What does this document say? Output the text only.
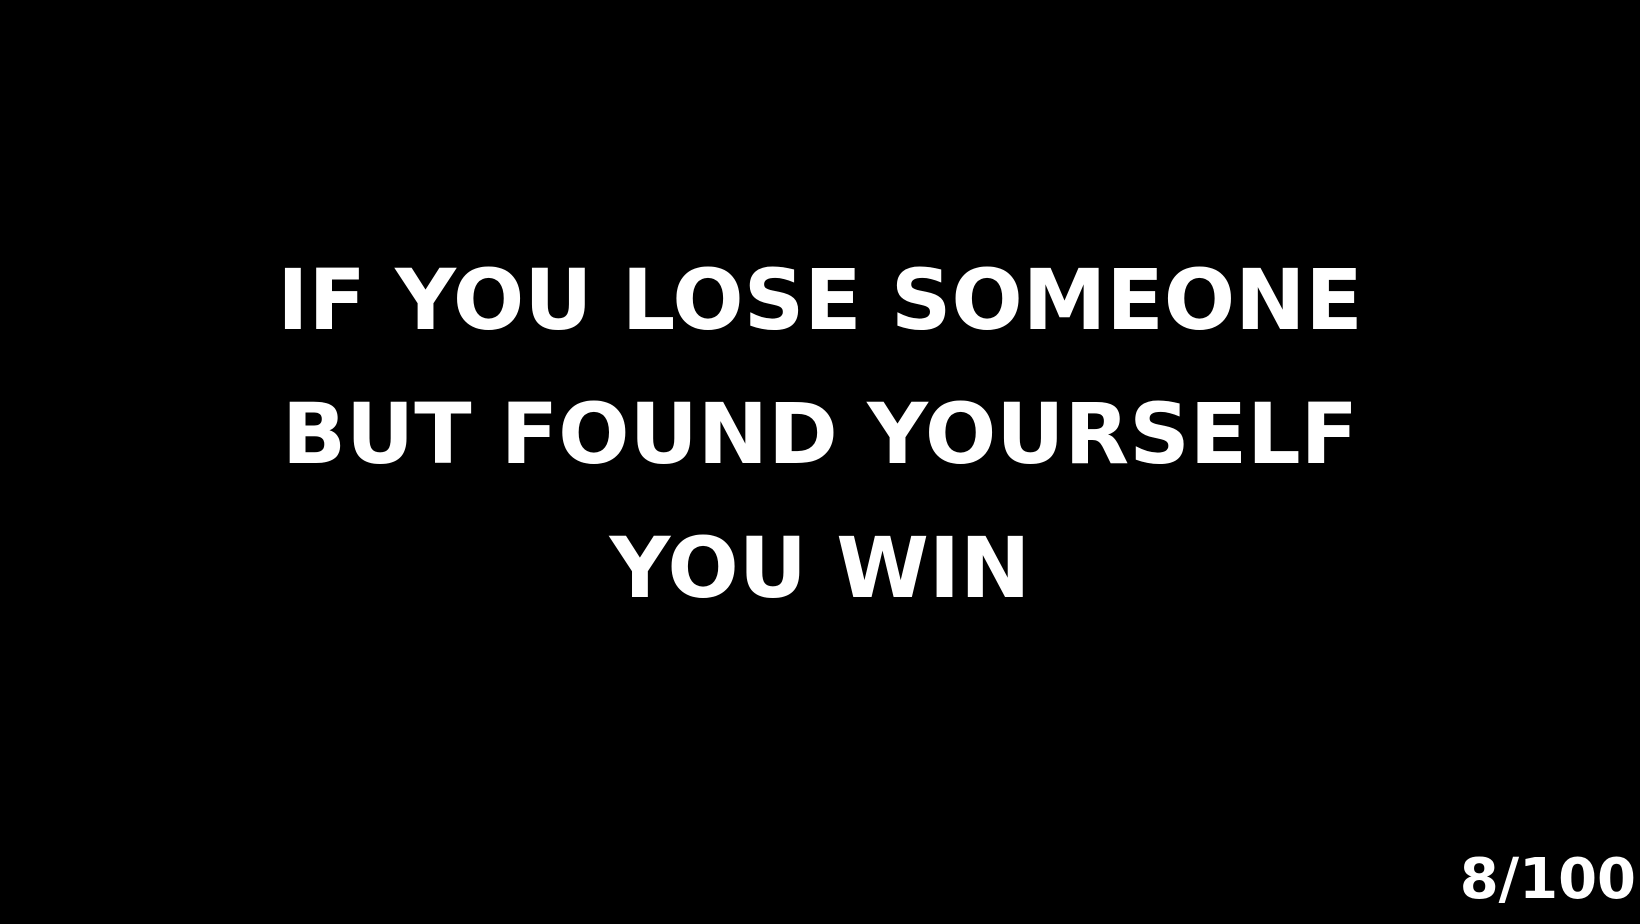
IF YOU LOSE SOMEONE
BUT FOUND YOURSELF
YOU WIN
8/100
